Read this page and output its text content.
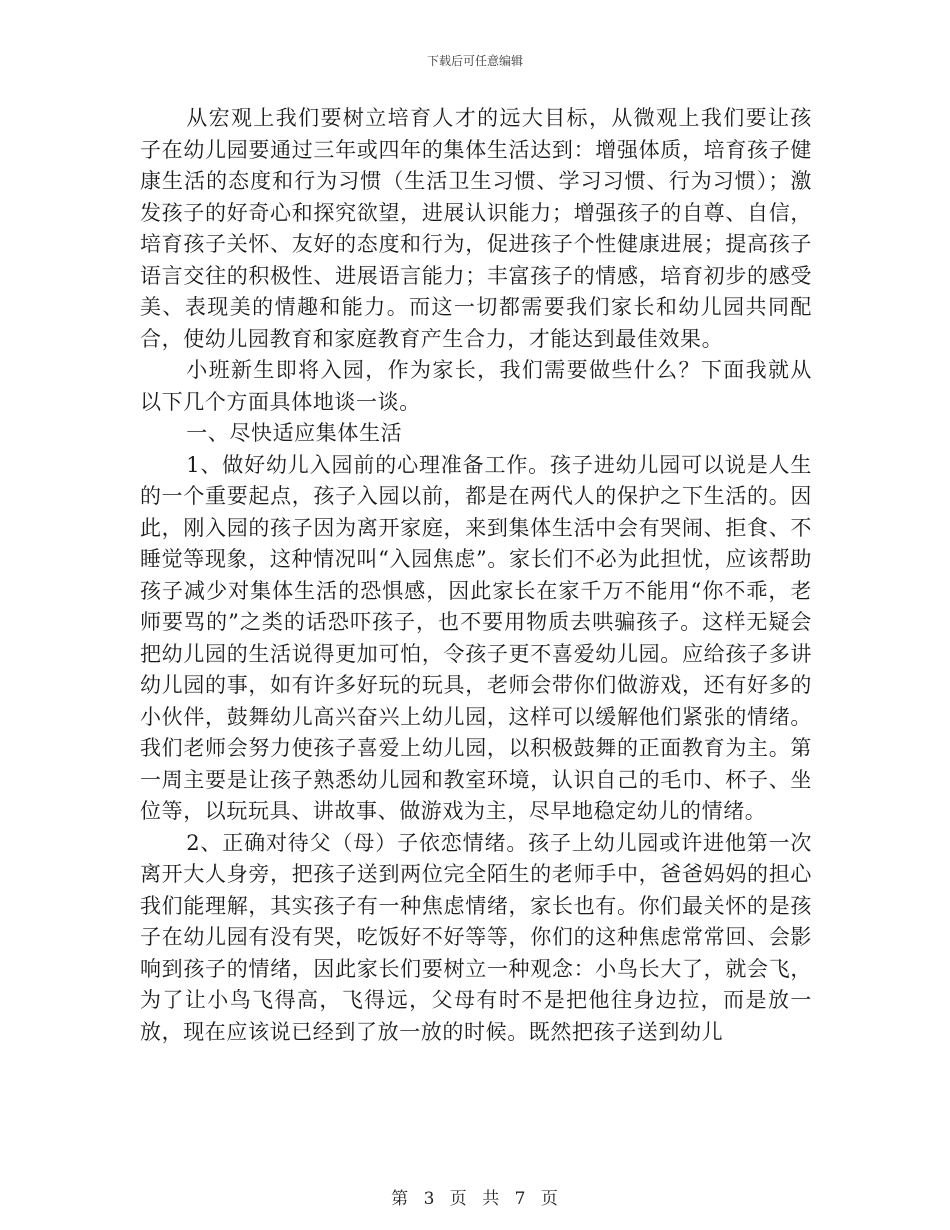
下载后可任意编辑

从宏观上我们要树立培育人才的远大目标，从微观上我们要让孩子在幼儿园要通过三年或四年的集体生活达到：增强体质，培育孩子健康生活的态度和行为习惯（生活卫生习惯、学习习惯、行为习惯）；激发孩子的好奇心和探究欲望，进展认识能力；增强孩子的自尊、自信，培育孩子关怀、友好的态度和行为，促进孩子个性健康进展；提高孩子语言交往的积极性、进展语言能力；丰富孩子的情感，培育初步的感受美、表现美的情趣和能力。而这一切都需要我们家长和幼儿园共同配合，使幼儿园教育和家庭教育产生合力，才能达到最佳效果。

小班新生即将入园，作为家长，我们需要做些什么？下面我就从以下几个方面具体地谈一谈。

一、尽快适应集体生活

1、做好幼儿入园前的心理准备工作。孩子进幼儿园可以说是人生的一个重要起点，孩子入园以前，都是在两代人的保护之下生活的。因此，刚入园的孩子因为离开家庭，来到集体生活中会有哭闹、拒食、不睡觉等现象，这种情况叫“入园焦虑”。家长们不必为此担忧，应该帮助孩子减少对集体生活的恐惧感，因此家长在家千万不能用“你不乖，老师要骂的”之类的话恐吓孩子，也不要用物质去哄骗孩子。这样无疑会把幼儿园的生活说得更加可怕，令孩子更不喜爱幼儿园。应给孩子多讲幼儿园的事，如有许多好玩的玩具，老师会带你们做游戏，还有好多的小伙伴，鼓舞幼儿高兴奋兴上幼儿园，这样可以缓解他们紧张的情绪。我们老师会努力使孩子喜爱上幼儿园，以积极鼓舞的正面教育为主。第一周主要是让孩子熟悉幼儿园和教室环境，认识自己的毛巾、杯子、坐位等，以玩玩具、讲故事、做游戏为主，尽早地稳定幼儿的情绪。

2、正确对待父（母）子依恋情绪。孩子上幼儿园或许进他第一次离开大人身旁，把孩子送到两位完全陌生的老师手中，爸爸妈妈的担心我们能理解，其实孩子有一种焦虑情绪，家长也有。你们最关怀的是孩子在幼儿园有没有哭，吃饭好不好等等，你们的这种焦虑常常回、会影响到孩子的情绪，因此家长们要树立一种观念：小鸟长大了，就会飞，为了让小鸟飞得高，飞得远，父母有时不是把他往身边拉，而是放一放，现在应该说已经到了放一放的时候。既然把孩子送到幼儿

第 3 页 共 7 页
